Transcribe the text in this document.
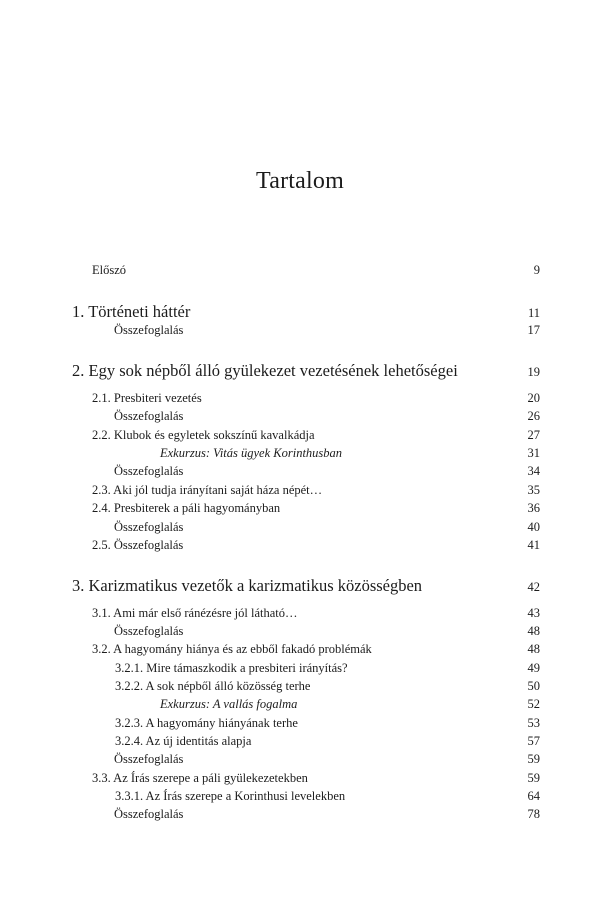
Tartalom
Előszó	9
1. Történeti háttér	11
Összefoglalás	17
2. Egy sok népből álló gyülekezet vezetésének lehetőségei	19
2.1. Presbiteri vezetés	20
Összefoglalás	26
2.2. Klubok és egyletek sokszínű kavalkádja	27
Exkurzus: Vitás ügyek Korinthusban	31
Összefoglalás	34
2.3. Aki jól tudja irányítani saját háza népét…	35
2.4. Presbiterek a páli hagyományban	36
Összefoglalás	40
2.5. Összefoglalás	41
3. Karizmatikus vezetők a karizmatikus közösségben	42
3.1. Ami már első ránézésre jól látható…	43
Összefoglalás	48
3.2. A hagyomány hiánya és az ebből fakadó problémák	48
3.2.1. Mire támaszkodik a presbiteri irányítás?	49
3.2.2. A sok népből álló közösség terhe	50
Exkurzus: A vallás fogalma	52
3.2.3. A hagyomány hiányának terhe	53
3.2.4. Az új identitás alapja	57
Összefoglalás	59
3.3. Az Írás szerepe a páli gyülekezetekben	59
3.3.1. Az Írás szerepe a Korinthusi levelekben	64
Összefoglalás	78
